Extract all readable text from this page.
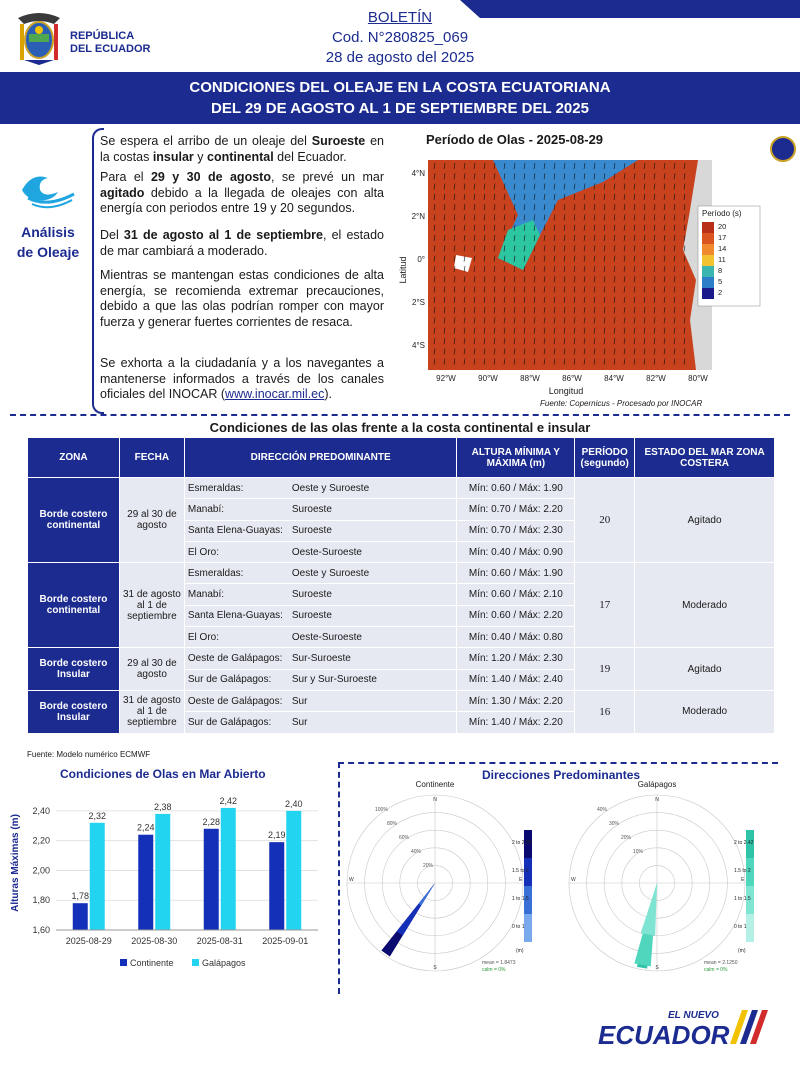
REPÚBLICA
DEL ECUADOR
BOLETÍN
Cod. N°280825_069
28 de agosto del 2025
CONDICIONES DEL OLEAJE EN LA COSTA ECUATORIANA
DEL 29 DE AGOSTO AL 1 DE SEPTIEMBRE DEL 2025
Análisis
de Oleaje
Se espera el arribo de un oleaje del Suroeste en la costas insular y continental del Ecuador.
Para el 29 y 30 de agosto, se prevé un mar agitado debido a la llegada de oleajes con alta energía con periodos entre 19 y 20 segundos.
Del 31 de agosto al 1 de septiembre, el estado de mar cambiará a moderado.
Mientras se mantengan estas condiciones de alta energía, se recomienda extremar precauciones, debido a que las olas podrían romper con mayor fuerza y generar fuertes corrientes de resaca.
Se exhorta a la ciudadanía y a los navegantes a mantenerse informados a través de los canales oficiales del INOCAR (www.inocar.mil.ec).
Período de Olas - 2025-08-29
4°N
2°N
0°
2°S
4°S
92°W	90°W	88°W	86°W	84°W	82°W	80°W
Longitud
Latitud
Período (s)
20
17
14
11
8
5
2
Fuente: Copernicus - Procesado por INOCAR
Condiciones de las olas frente a la costa continental e insular
ZONA	FECHA	DIRECCIÓN PREDOMINANTE	ALTURA MÍNIMA Y MÁXIMA (m)	PERÍODO (segundo)	ESTADO DEL MAR ZONA COSTERA
Borde costero continental	29 al 30 de agosto	Esmeraldas: Oeste y Suroeste	Mín: 0.60 / Máx: 1.90	20	Agitado
		Manabí: Suroeste	Mín: 0.70 / Máx: 2.20		
		Santa Elena-Guayas: Suroeste	Mín: 0.70 / Máx: 2.30		
		El Oro: Oeste-Suroeste	Mín: 0.40 / Máx: 0.90		
Borde costero continental	31 de agosto al 1 de septiembre	Esmeraldas: Oeste y Suroeste	Mín: 0.60 / Máx: 1.90	17	Moderado
		Manabí: Suroeste	Mín: 0.60 / Máx: 2.10		
		Santa Elena-Guayas: Suroeste	Mín: 0.60 / Máx: 2.20		
		El Oro: Oeste-Suroeste	Mín: 0.40 / Máx: 0.80		
Borde costero Insular	29 al 30 de agosto	Oeste de Galápagos: Sur-Suroeste	Mín: 1.20 / Máx: 2.30	19	Agitado
		Sur de Galápagos: Sur y Sur-Suroeste	Mín: 1.40 / Máx: 2.40		
Borde costero Insular	31 de agosto al 1 de septiembre	Oeste de Galápagos: Sur	Mín: 1.30 / Máx: 2.20	16	Moderado
		Sur de Galápagos: Sur	Mín: 1.40 / Máx: 2.20		
Fuente: Modelo numérico ECMWF
Condiciones de Olas en Mar Abierto
1,60
1,80
2,00
2,20
2,40
Alturas Máximas (m)	1,78
2,32
2025-08-29
2,24
2,38
2025-08-30
2,28
2,42
2025-08-31
2,19
2,40
2025-09-01
Continente	Galápagos
Direcciones Predominantes
Continente
100%
80%
60%
40%
20%
N
S
E
W
2 to 2.28
1.5 to 2
1 to 1.5
0 to 1
(m)
mean = 1.8473
calm = 0%
Galápagos
40%
30%
20%
10%
N
S
E
W
2 to 2.42
1.5 to 2
1 to 1.5
0 to 1
(m)
mean = 2.1250
calm = 0%
EL NUEVO
ECUADOR
